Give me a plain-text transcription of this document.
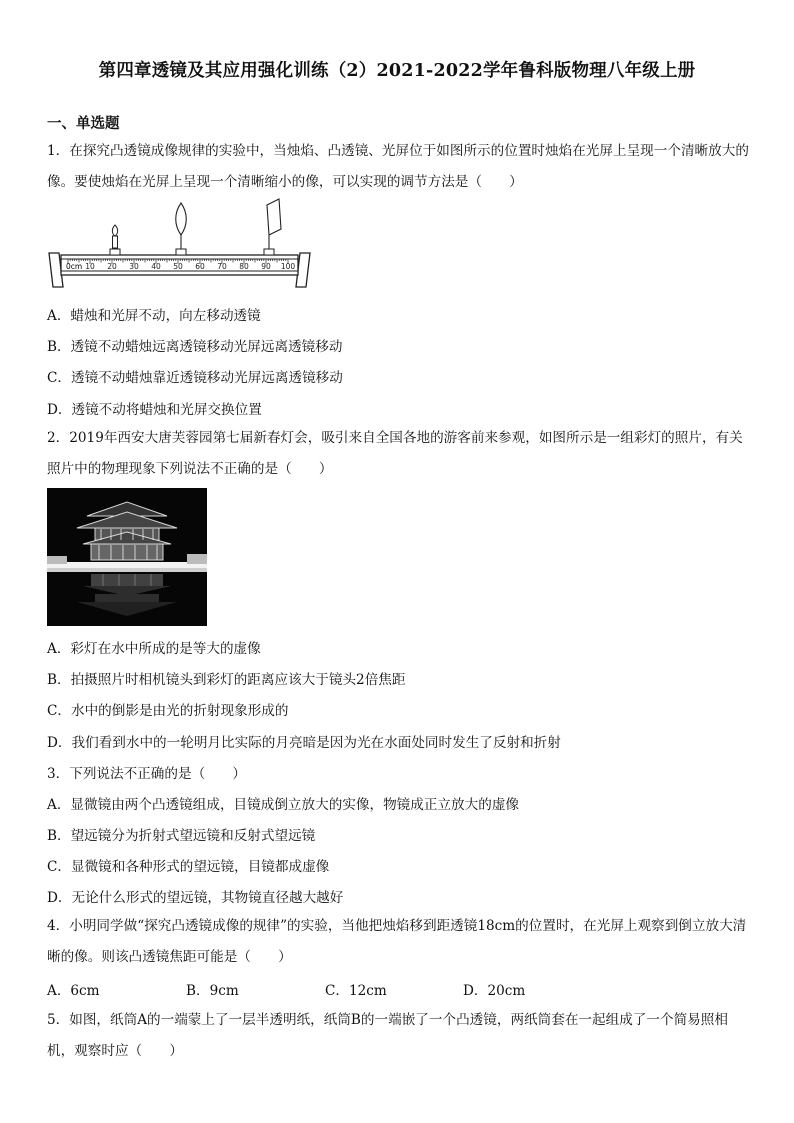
第四章透镜及其应用强化训练（2）2021-2022学年鲁科版物理八年级上册
一、单选题
1．在探究凸透镜成像规律的实验中，当烛焰、凸透镜、光屏位于如图所示的位置时烛焰在光屏上呈现一个清晰放大的像。要使烛焰在光屏上呈现一个清晰缩小的像，可以实现的调节方法是（　　）
0cm 10 20 30 40 50 60 70 80 90 100
A．蜡烛和光屏不动，向左移动透镜
B．透镜不动蜡烛远离透镜移动光屏远离透镜移动
C．透镜不动蜡烛靠近透镜移动光屏远离透镜移动
D．透镜不动将蜡烛和光屏交换位置
2．2019年西安大唐芙蓉园第七届新春灯会，吸引来自全国各地的游客前来参观，如图所示是一组彩灯的照片，有关照片中的物理现象下列说法不正确的是（　　）
A．彩灯在水中所成的是等大的虚像
B．拍摄照片时相机镜头到彩灯的距离应该大于镜头2倍焦距
C．水中的倒影是由光的折射现象形成的
D．我们看到水中的一轮明月比实际的月亮暗是因为光在水面处同时发生了反射和折射
3．下列说法不正确的是（　　）
A．显微镜由两个凸透镜组成，目镜成倒立放大的实像，物镜成正立放大的虚像
B．望远镜分为折射式望远镜和反射式望远镜
C．显微镜和各种形式的望远镜，目镜都成虚像
D．无论什么形式的望远镜，其物镜直径越大越好
4．小明同学做“探究凸透镜成像的规律”的实验，当他把烛焰移到距透镜18cm的位置时，在光屏上观察到倒立放大清晰的像。则该凸透镜焦距可能是（　　）
A．6cm	B．9cm	C．12cm	D．20cm
5．如图，纸筒A的一端蒙上了一层半透明纸，纸筒B的一端嵌了一个凸透镜，两纸筒套在一起组成了一个简易照相机，观察时应（　　）
